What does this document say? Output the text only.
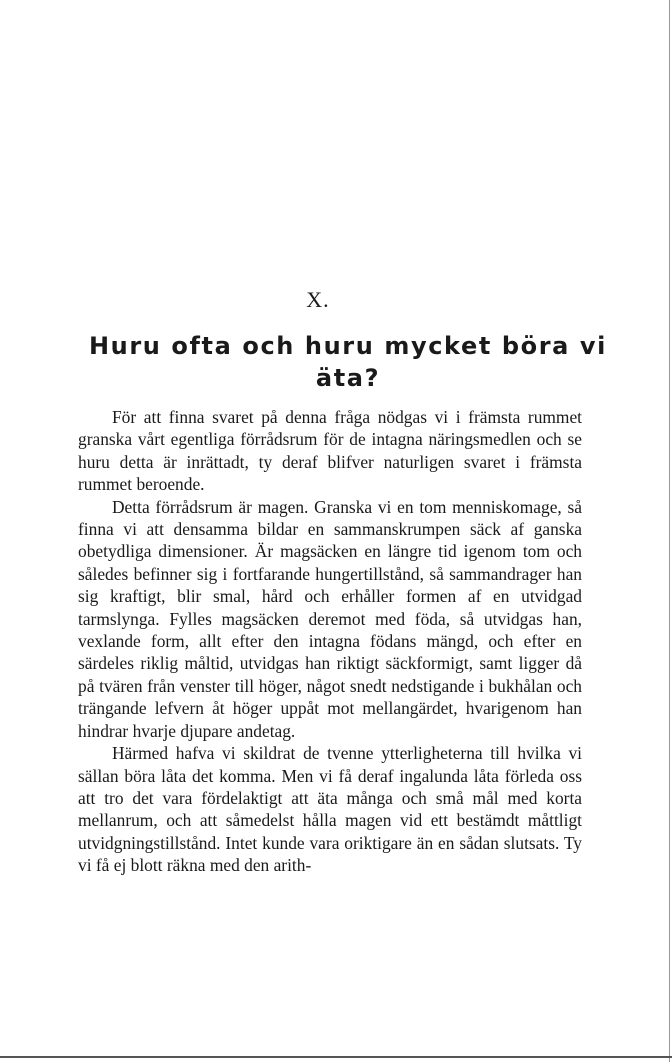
X.
Huru ofta och huru mycket böra vi äta?

För att finna svaret på denna fråga nödgas vi i främsta rummet granska vårt egentliga förrådsrum för de intagna näringsmedlen och se huru detta är inrättadt, ty deraf blifver naturligen svaret i främsta rummet beroende.

Detta förrådsrum är magen. Granska vi en tom menniskomage, så finna vi att densamma bildar en sammanskrumpen säck af ganska obetydliga dimensioner. Är magsäcken en längre tid igenom tom och således befinner sig i fortfarande hungertillstånd, så sammandrager han sig kraftigt, blir smal, hård och erhåller formen af en utvidgad tarmslynga. Fylles magsäcken deremot med föda, så utvidgas han, vexlande form, allt efter den intagna födans mängd, och efter en särdeles riklig måltid, utvidgas han riktigt säckformigt, samt ligger då på tvären från venster till höger, något snedt nedstigande i bukhålan och trängande lefvern åt höger uppåt mot mellangärdet, hvarigenom han hindrar hvarje djupare andetag.

Härmed hafva vi skildrat de tvenne ytterligheterna till hvilka vi sällan böra låta det komma. Men vi få deraf ingalunda låta förleda oss att tro det vara fördelaktigt att äta många och små mål med korta mellanrum, och att såmedelst hålla magen vid ett bestämdt måttligt utvidgningstillstånd. Intet kunde vara oriktigare än en sådan slutsats. Ty vi få ej blott räkna med den arith-
